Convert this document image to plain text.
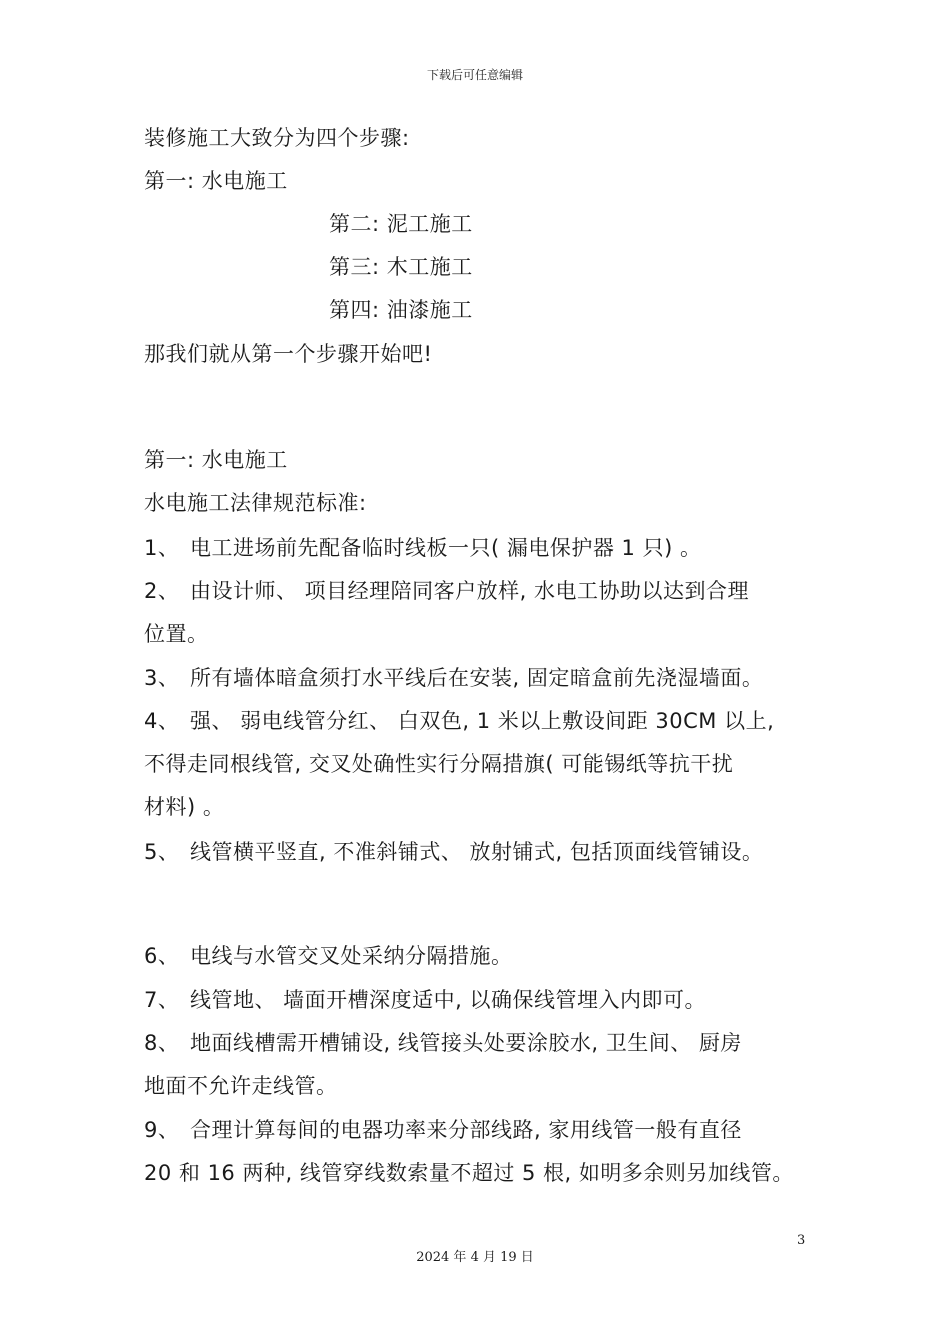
下载后可任意编辑
装修施工大致分为四个步骤:
第一: 水电施工
第二: 泥工施工
第三: 木工施工
第四: 油漆施工
那我们就从第一个步骤开始吧!
第一: 水电施工
水电施工法律规范标准:
1、 电工进场前先配备临时线板一只( 漏电保护器 1 只) 。
2、 由设计师、 项目经理陪同客户放样, 水电工协助以达到合理
位置。
3、 所有墙体暗盒须打水平线后在安装, 固定暗盒前先浇湿墙面。
4、 强、 弱电线管分红、 白双色, 1 米以上敷设间距 30CM 以上,
不得走同根线管, 交叉处确性实行分隔措旗( 可能锡纸等抗干扰
材料) 。
5、 线管横平竖直, 不准斜铺式、 放射铺式, 包括顶面线管铺设。
6、 电线与水管交叉处采纳分隔措施。
7、 线管地、 墙面开槽深度适中, 以确保线管埋入内即可。
8、 地面线槽需开槽铺设, 线管接头处要涂胶水, 卫生间、 厨房
地面不允许走线管。
9、 合理计算每间的电器功率来分部线路, 家用线管一般有直径
20 和 16 两种, 线管穿线数索量不超过 5 根, 如明多余则另加线管。
3
2024 年 4 月 19 日
